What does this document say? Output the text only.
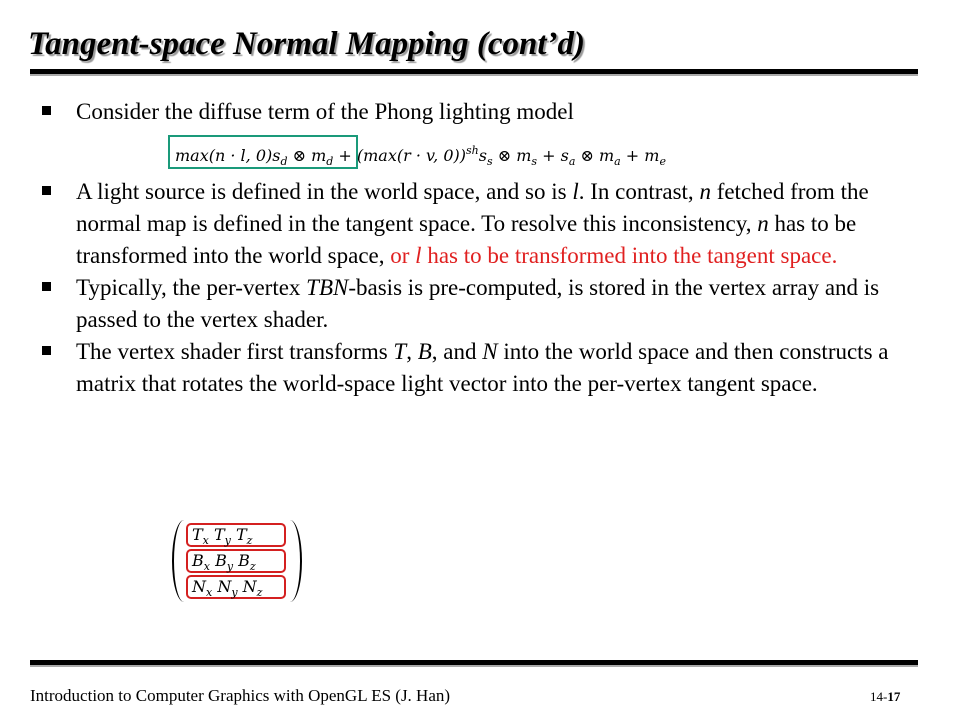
Tangent-space Normal Mapping (cont’d)
Consider the diffuse term of the Phong lighting model
max(n · l, $0)s_d$ ⊗ $m_d + (\max(r \cdot v$, $0))^{sh}s_s$ ⊗ $m_s + s_a$ ⊗ $m_a + m_e$
A light source is defined in the world space, and so is l. In contrast, n fetched from the normal map is defined in the tangent space. To resolve this inconsistency, n has to be transformed into the world space, or l has to be transformed into the tangent space.
Typically, the per-vertex TBN-basis is pre-computed, is stored in the vertex array and is passed to the vertex shader.
The vertex shader first transforms T, B, and N into the world space and then constructs a matrix that rotates the world-space light vector into the per-vertex tangent space.
$T_x$ $T_y$ $T_z$
$B_x$ $B_y$ $B_z$
$N_x$ $N_y$ $N_z$
Introduction to Computer Graphics with OpenGL ES (J. Han)	14-17
